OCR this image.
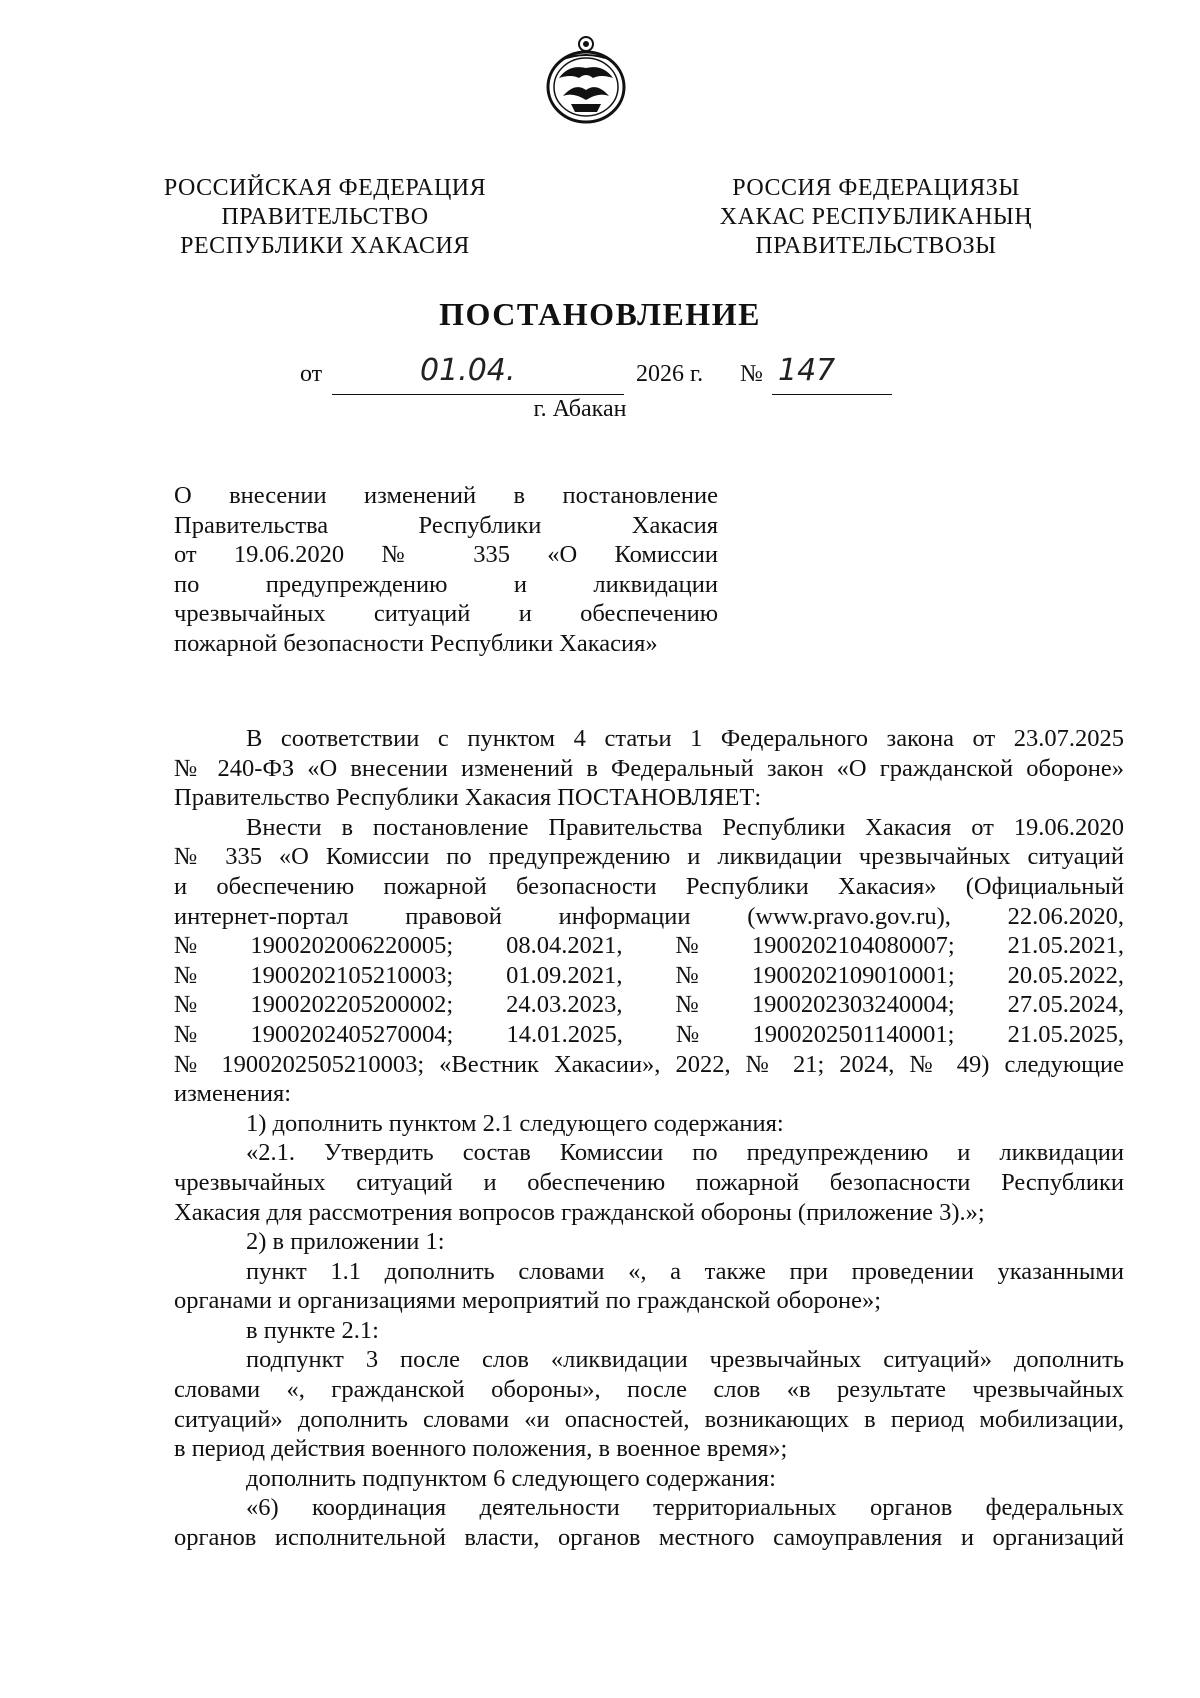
РОССИЙСКАЯ ФЕДЕРАЦИЯ
ПРАВИТЕЛЬСТВО
РЕСПУБЛИКИ ХАКАСИЯ
РОССИЯ ФЕДЕРАЦИЯЗЫ
ХАКАС РЕСПУБЛИКАНЫҢ
ПРАВИТЕЛЬСТВОЗЫ
ПОСТАНОВЛЕНИЕ
от	01.04.	2026 г. № 147
г. Абакан
О внесении изменений в постановление
Правительства Республики Хакасия
от 19.06.2020 № 335 «О Комиссии
по предупреждению и ликвидации
чрезвычайных ситуаций и обеспечению
пожарной безопасности Республики Хакасия»
В соответствии с пунктом 4 статьи 1 Федерального закона от 23.07.2025
№ 240-ФЗ «О внесении изменений в Федеральный закон «О гражданской обороне»
Правительство Республики Хакасия ПОСТАНОВЛЯЕТ:
Внести в постановление Правительства Республики Хакасия от 19.06.2020
№ 335 «О Комиссии по предупреждению и ликвидации чрезвычайных ситуаций
и обеспечению пожарной безопасности Республики Хакасия» (Официальный
интернет-портал правовой информации (www.pravo.gov.ru), 22.06.2020,
№ 1900202006220005; 08.04.2021, № 1900202104080007; 21.05.2021,
№ 1900202105210003; 01.09.2021, № 1900202109010001; 20.05.2022,
№ 1900202205200002; 24.03.2023, № 1900202303240004; 27.05.2024,
№ 1900202405270004; 14.01.2025, № 1900202501140001; 21.05.2025,
№ 1900202505210003; «Вестник Хакасии», 2022, № 21; 2024, № 49) следующие
изменения:
1) дополнить пунктом 2.1 следующего содержания:
«2.1. Утвердить состав Комиссии по предупреждению и ликвидации
чрезвычайных ситуаций и обеспечению пожарной безопасности Республики
Хакасия для рассмотрения вопросов гражданской обороны (приложение 3).»;
2) в приложении 1:
пункт 1.1 дополнить словами «, а также при проведении указанными
органами и организациями мероприятий по гражданской обороне»;
в пункте 2.1:
подпункт 3 после слов «ликвидации чрезвычайных ситуаций» дополнить
словами «, гражданской обороны», после слов «в результате чрезвычайных
ситуаций» дополнить словами «и опасностей, возникающих в период мобилизации,
в период действия военного положения, в военное время»;
дополнить подпунктом 6 следующего содержания:
«6) координация деятельности территориальных органов федеральных
органов исполнительной власти, органов местного самоуправления и организаций
